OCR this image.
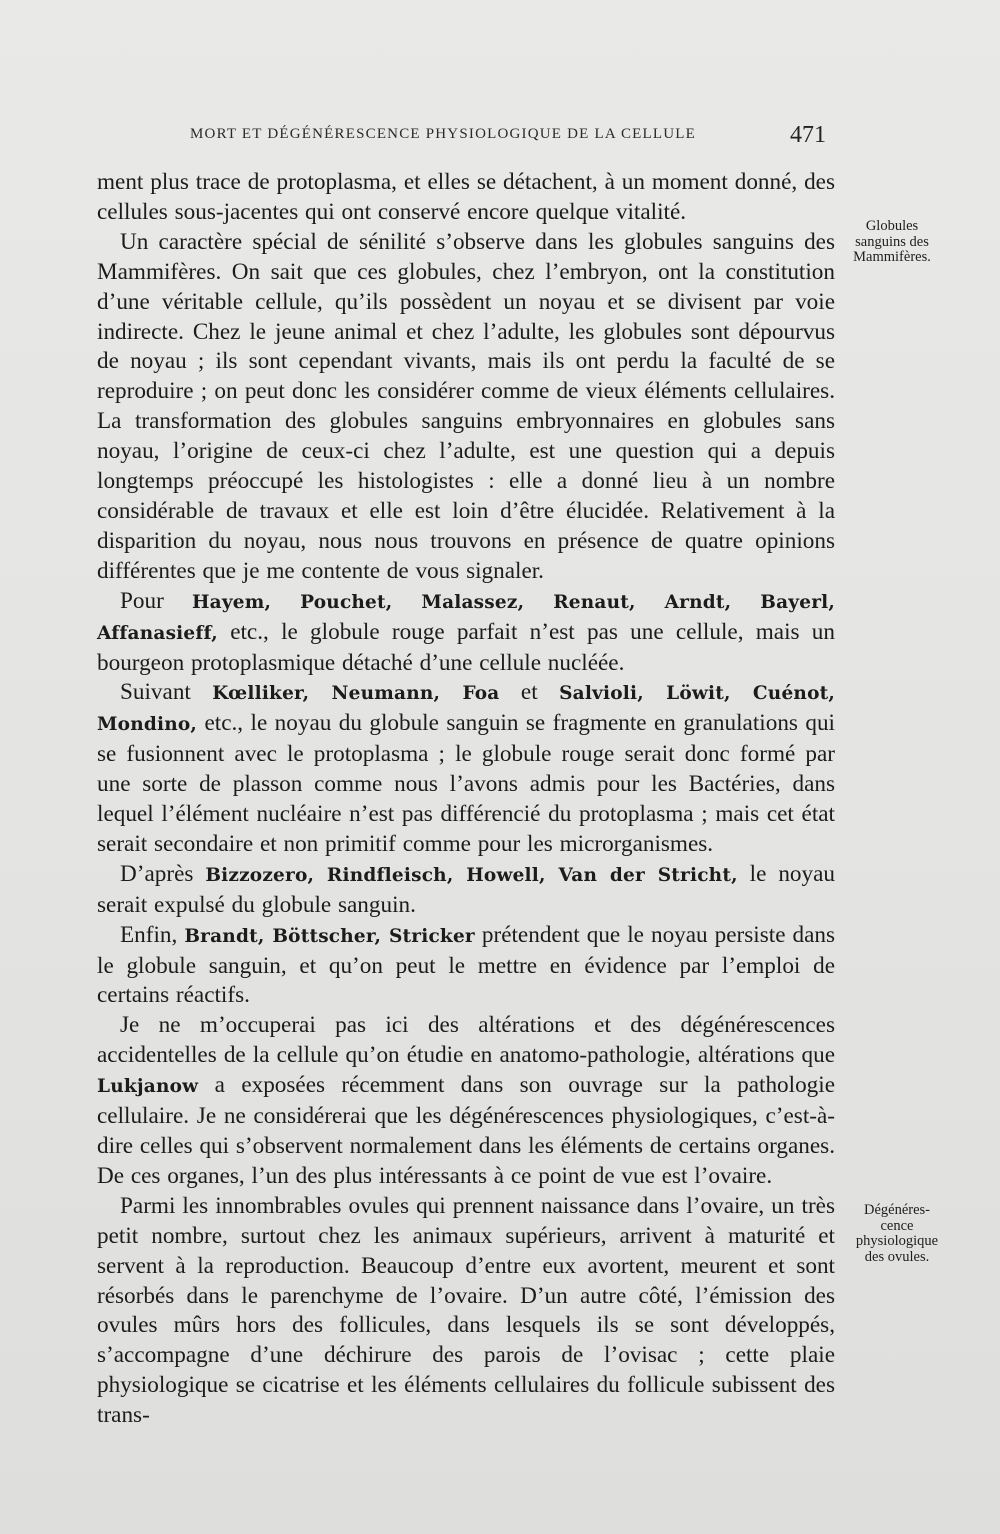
MORT ET DÉGÉNÉRESCENCE PHYSIOLOGIQUE DE LA CELLULE	471
Globules
sanguins des
Mammifères.
Dégénéres-
cence
physiologique
des ovules.

ment plus trace de protoplasma, et elles se détachent, à un moment donné, des cellules sous-jacentes qui ont conservé encore quelque vitalité.

Un caractère spécial de sénilité s’observe dans les globules sanguins des Mammifères. On sait que ces globules, chez l’embryon, ont la constitution d’une véritable cellule, qu’ils possèdent un noyau et se divisent par voie indirecte. Chez le jeune animal et chez l’adulte, les globules sont dépourvus de noyau ; ils sont cependant vivants, mais ils ont perdu la faculté de se reproduire ; on peut donc les considérer comme de vieux éléments cellulaires. La transformation des globules sanguins embryonnaires en globules sans noyau, l’origine de ceux-ci chez l’adulte, est une question qui a depuis longtemps préoccupé les histologistes : elle a donné lieu à un nombre considérable de travaux et elle est loin d’être élucidée. Relativement à la disparition du noyau, nous nous trouvons en présence de quatre opinions différentes que je me contente de vous signaler.

Pour Hayem, Pouchet, Malassez, Renaut, Arndt, Bayerl, Affanasieff, etc., le globule rouge parfait n’est pas une cellule, mais un bourgeon protoplasmique détaché d’une cellule nucléée.

Suivant Kœlliker, Neumann, Foa et Salvioli, Löwit, Cuénot, Mondino, etc., le noyau du globule sanguin se fragmente en granulations qui se fusionnent avec le protoplasma ; le globule rouge serait donc formé par une sorte de plasson comme nous l’avons admis pour les Bactéries, dans lequel l’élément nucléaire n’est pas différencié du protoplasma ; mais cet état serait secondaire et non primitif comme pour les microrganismes.

D’après Bizzozero, Rindfleisch, Howell, Van der Stricht, le noyau serait expulsé du globule sanguin.

Enfin, Brandt, Böttscher, Stricker prétendent que le noyau persiste dans le globule sanguin, et qu’on peut le mettre en évidence par l’emploi de certains réactifs.

Je ne m’occuperai pas ici des altérations et des dégénérescences accidentelles de la cellule qu’on étudie en anatomo-pathologie, altérations que Lukjanow a exposées récemment dans son ouvrage sur la pathologie cellulaire. Je ne considérerai que les dégénérescences physiologiques, c’est-à-dire celles qui s’observent normalement dans les éléments de certains organes. De ces organes, l’un des plus intéressants à ce point de vue est l’ovaire.

Parmi les innombrables ovules qui prennent naissance dans l’ovaire, un très petit nombre, surtout chez les animaux supérieurs, arrivent à maturité et servent à la reproduction. Beaucoup d’entre eux avortent, meurent et sont résorbés dans le parenchyme de l’ovaire. D’un autre côté, l’émission des ovules mûrs hors des follicules, dans lesquels ils se sont développés, s’accompagne d’une déchirure des parois de l’ovisac ; cette plaie physiologique se cicatrise et les éléments cellulaires du follicule subissent des trans-
